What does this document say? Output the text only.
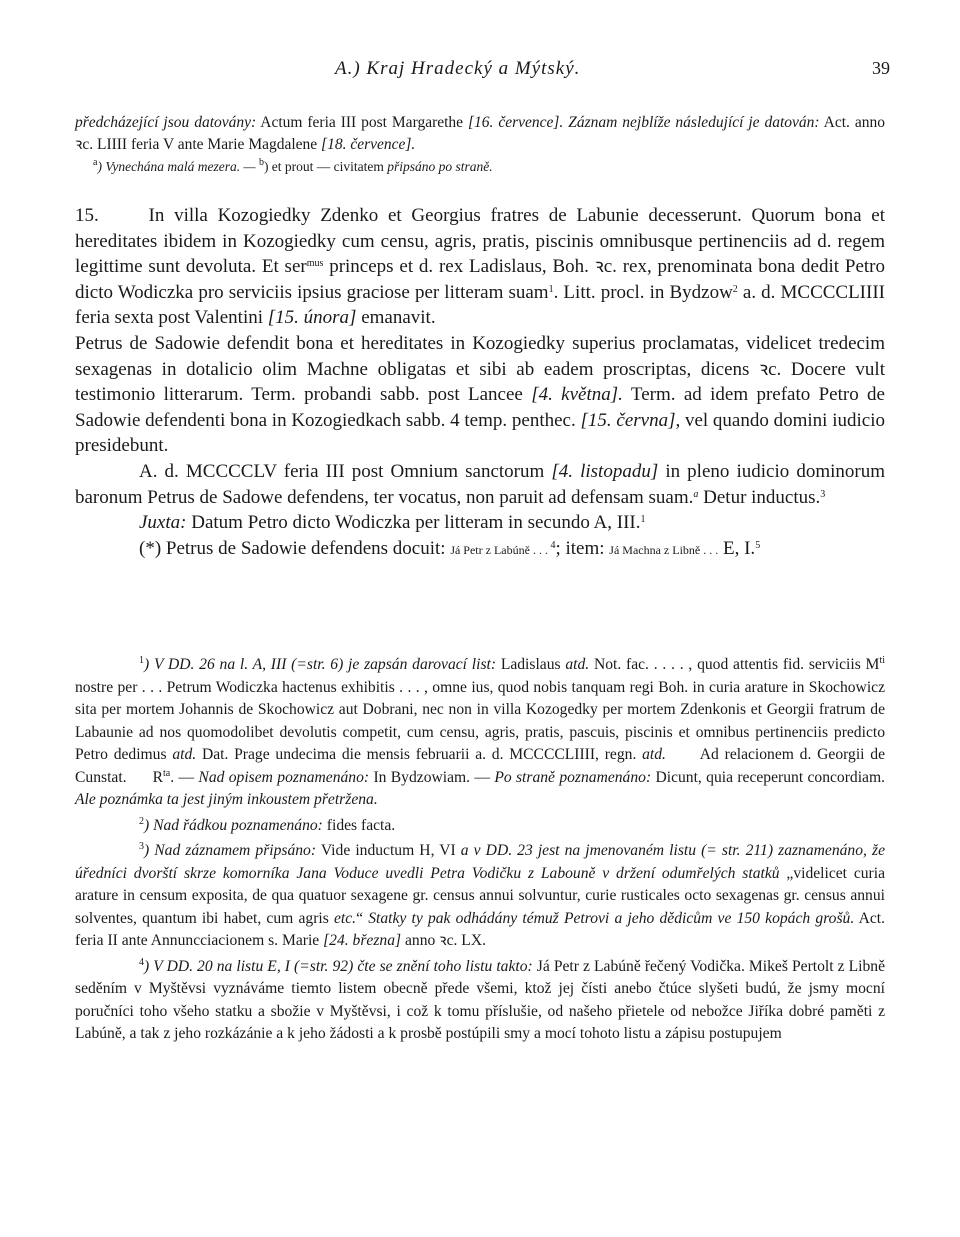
A.) Kraj Hradecký a Mýtský.	39

předcházející jsou datovány: Actum feria III post Margarethe [16. července]. Záznam nejblíže následující je datován: Act. anno ꝛc. LIIII feria V ante Marie Magdalene [18. července].

$^a$) Vynechána malá mezera. — $^b$) et prout — civitatem připsáno po straně.

15. In villa Kozogiedky Zdenko et Georgius fratres de Labunie decesserunt. Quorum bona et hereditates ibidem in Kozogiedky cum censu, agris, pratis, piscinis omnibusque pertinenciis ad d. regem legittime sunt devoluta. Et ser$^{mus}$ princeps et d. rex Ladislaus, Boh. ꝛc. rex, prenominata bona dedit Petro dicto Wodiczka pro serviciis ipsius graciose per litteram suam$^1$. Litt. procl. in Bydzow$^2$ a. d. MCCCCLIIII feria sexta post Valentini [15. února] emanavit.

Petrus de Sadowie defendit bona et hereditates in Kozogiedky superius proclamatas, videlicet tredecim sexagenas in dotalicio olim Machne obligatas et sibi ab eadem proscriptas, dicens ꝛc. Docere vult testimonio litterarum. Term. probandi sabb. post Lancee [4. května]. Term. ad idem prefato Petro de Sadowie defendenti bona in Kozogiedkach sabb. 4 temp. penthec. [15. června], vel quando domini iudicio presidebunt.

A. d. MCCCCLV feria III post Omnium sanctorum [4. listopadu] in pleno iudicio dominorum baronum Petrus de Sadowe defendens, ter vocatus, non paruit ad defensam suam.$^a$ Detur inductus.$^3$

Juxta: Datum Petro dicto Wodiczka per litteram in secundo A, III.$^1$

(*) Petrus de Sadowie defendens docuit: Já Petr z Labúně . . . $^4$; item: Já Machna z Libně . . . E, I.$^5$

$^1$) V DD. 26 na l. A, III (=str. 6) je zapsán darovací list: Ladislaus atd. Not. fac. . . . . , quod attentis fid. serviciis $M^{ti}$ nostre per . . . Petrum Wodiczka hactenus exhibitis . . . , omne ius, quod nobis tanquam regi Boh. in curia arature in Skochowicz sita per mortem Johannis de Skochowicz aut Dobrani, nec non in villa Kozogedky per mortem Zdenkonis et Georgii fratrum de Labaunie ad nos quomodolibet devolutis competit, cum censu, agris, pratis, pascuis, piscinis et omnibus pertinenciis predicto Petro dedimus atd. Dat. Prage undecima die mensis februarii a. d. MCCCCLIIII, regn. atd.      Ad relacionem d. Georgii de Cunstat.      $R^{ta}$. — Nad opisem poznamenáno: In Bydzowiam. — Po straně poznamenáno: Dicunt, quia receperunt concordiam. Ale poznámka ta jest jiným inkoustem přetržena.

$^2$) Nad řádkou poznamenáno: fides facta.

$^3$) Nad záznamem připsáno: Vide inductum H, VI a v DD. 23 jest na jmenovaném listu (= str. 211) zaznamenáno, že úředníci dvorští skrze komorníka Jana Voduce uvedli Petra Vodičku z Labouně v držení odumřelých statků „videlicet curia arature in censum exposita, de qua quatuor sexagene gr. census annui solvuntur, curie rusticales octo sexagenas gr. census annui solventes, quantum ibi habet, cum agris etc.“ Statky ty pak odhádány témuž Petrovi a jeho dědicům ve 150 kopách grošů. Act. feria II ante Annuncciacionem s. Marie [24. března] anno ꝛc. LX.

$^4$) V DD. 20 na listu E, I (=str. 92) čte se znění toho listu takto: Já Petr z Labúně řečený Vodička. Mikeš Pertolt z Libně seděním v Myštěvsi vyznáváme tiemto listem obecně přede všemi, ktož jej čísti anebo čtúce slyšeti budú, že jsmy mocní poručníci toho všeho statku a sbožie v Myštěvsi, i což k tomu příslušie, od našeho přietele od nebožce Jiříka dobré paměti z Labúně, a tak z jeho rozkázánie a k jeho žádosti a k prosbě postúpili smy a mocí tohoto listu a zápisu postupujem
